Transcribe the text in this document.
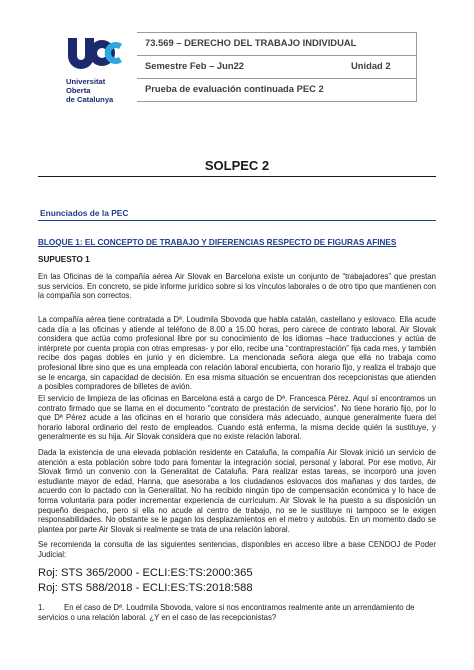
Universitat
Oberta
de Catalunya
73.569 – DERECHO DEL TRABAJO INDIVIDUAL
Semestre Feb – Jun22	Unidad 2
Prueba de evaluación continuada PEC 2
SOLPEC 2
Enunciados de la PEC
BLOQUE 1: EL CONCEPTO DE TRABAJO Y DIFERENCIAS RESPECTO DE FIGURAS AFINES
SUPUESTO 1
En las Oficinas de la compañía aérea Air Slovak en Barcelona existe un conjunto de “trabajadores” que prestan sus servicios. En concreto, se pide informe jurídico sobre si los vínculos laborales o de otro tipo que mantienen con la compañía son correctos.
La compañía aérea tiene contratada a Dª. Loudmila Sbovoda que habla catalán, castellano y eslovaco. Ella acude cada día a las oficinas y atiende al teléfono de 8.00 a 15.00 horas, pero carece de contrato laboral. Air Slovak considera que actúa como profesional libre por su conocimiento de los idiomas –hace traducciones y actúa de intérprete por cuenta propia con otras empresas- y por ello, recibe una “contraprestación” fija cada mes, y también recibe dos pagas dobles en junio y en diciembre. La mencionada señora alega que ella no trabaja como profesional libre sino que es una empleada con relación laboral encubierta, con horario fijo, y realiza el trabajo que se le encarga, sin capacidad de decisión. En esa misma situación se encuentran dos recepcionistas que atienden a posibles compradores de billetes de avión.
El servicio de limpieza de las oficinas en Barcelona está a cargo de Dª. Francesca Pérez. Aquí sí encontramos un contrato firmado que se llama en el documento "contrato de prestación de servicios". No tiene horario fijo, por lo que Dª Pérez acude a las oficinas en el horario que considera más adecuado, aunque generalmente fuera del horario laboral ordinario del resto de empleados. Cuando está enferma, la misma decide quién la sustituye, y generalmente es su hija. Air Slovak considera que no existe relación laboral.
Dada la existencia de una elevada población residente en Cataluña, la compañía Air Slovak inició un servicio de atención a esta población sobre todo para fomentar la integración social, personal y laboral. Por ese motivo, Air Slovak firmó un convenio con la Generalitat de Cataluña. Para realizar estas tareas, se incorporó una joven estudiante mayor de edad, Hanna, que asesoraba a los ciudadanos eslovacos dos mañanas y dos tardes, de acuerdo con lo pactado con la Generalitat. No ha recibido ningún tipo de compensación económica y lo hace de forma voluntaria para poder incrementar experiencia de currículum. Air Slovak le ha puesto a su disposición un pequeño despacho, pero si ella no acude al centro de trabajo, no se le sustituye ni tampoco se le exigen responsabilidades. No obstante se le pagan los desplazamientos en el metro y autobús. En un momento dado se plantea por parte Air Slovak si realmente se trata de una relación laboral.
Se recomienda la consulta de las siguientes sentencias, disponibles en acceso libre a base CENDOJ de Poder Judicial:
Roj: STS 365/2000 - ECLI:ES:TS:2000:365
Roj: STS 588/2018 - ECLI:ES:TS:2018:588
1. En el caso de Dª. Loudmila Sbovoda, valore si nos encontramos realmente ante un arrendamiento de servicios o una relación laboral. ¿Y en el caso de las recepcionistas?
